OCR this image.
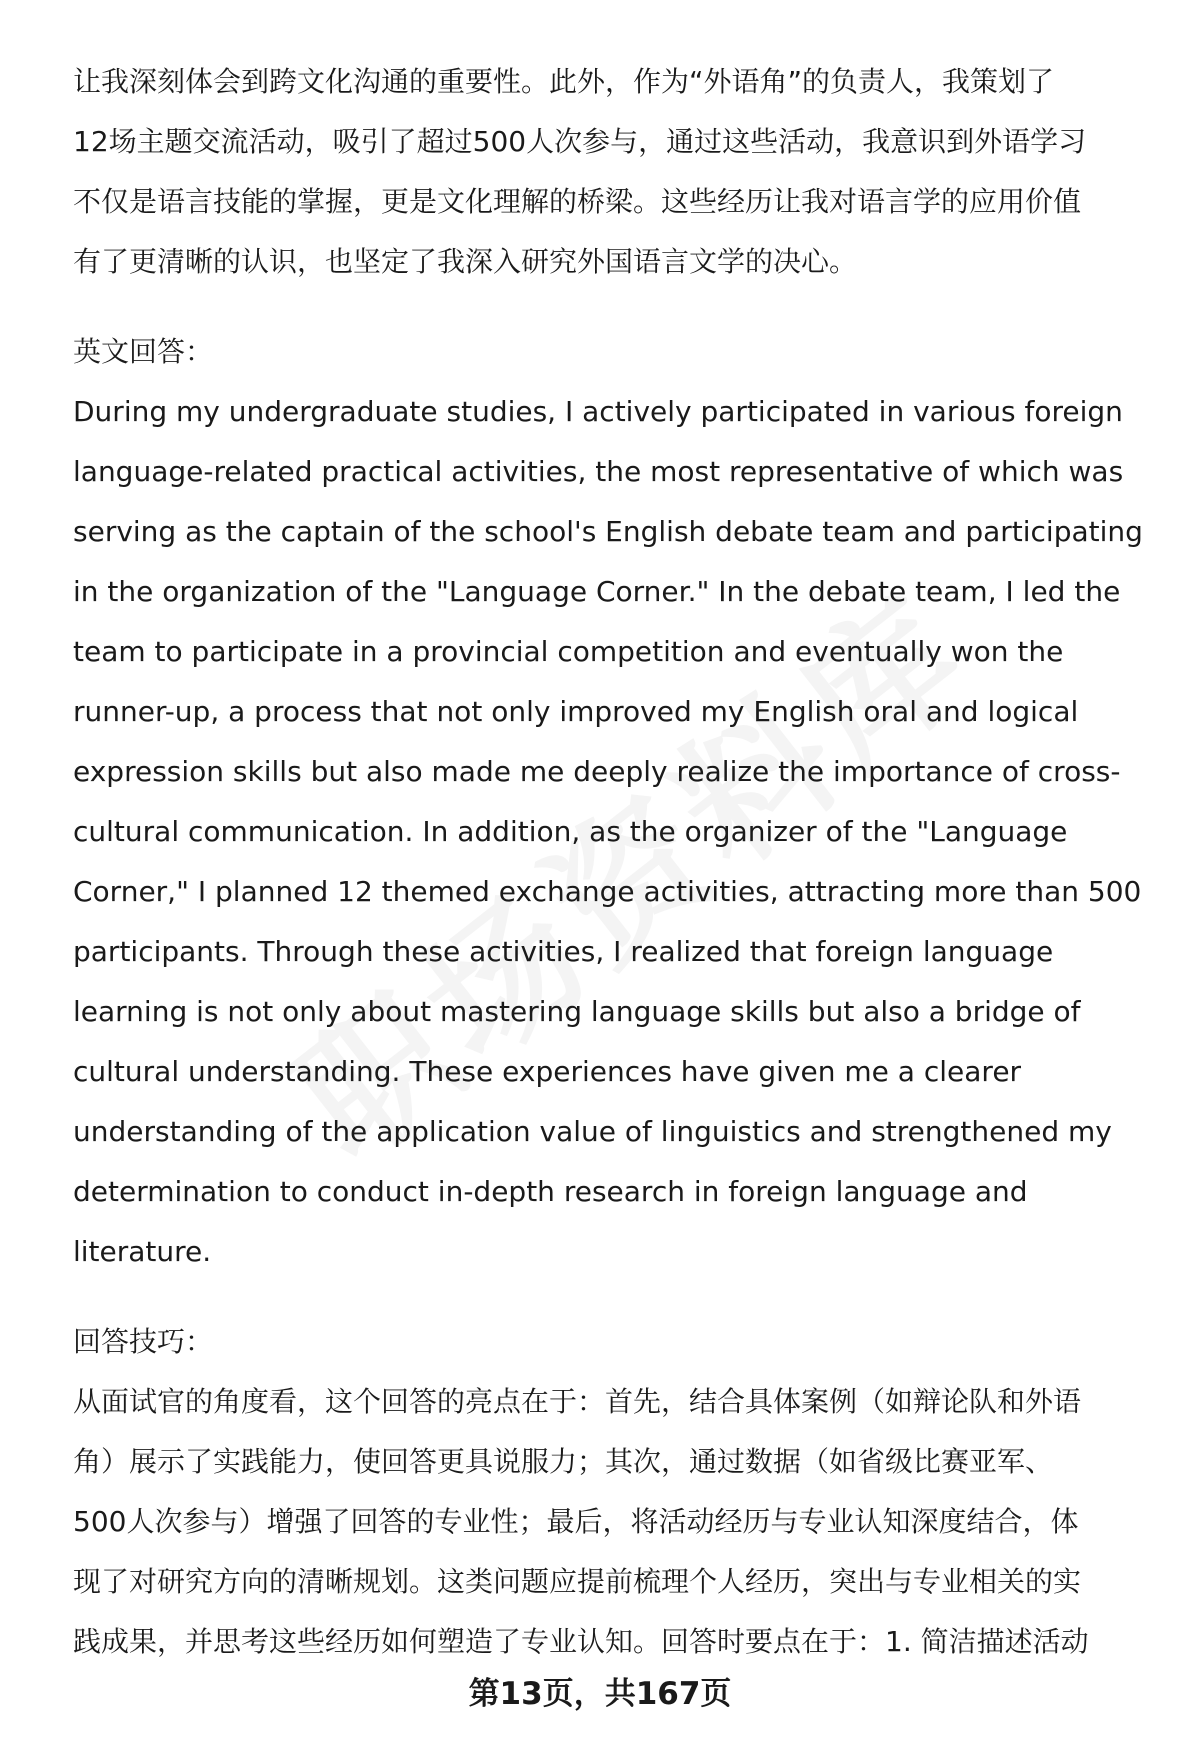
让我深刻体会到跨文化沟通的重要性。此外，作为“外语角”的负责人，我策划了
12场主题交流活动，吸引了超过500人次参与，通过这些活动，我意识到外语学习
不仅是语言技能的掌握，更是文化理解的桥梁。这些经历让我对语言学的应用价值
有了更清晰的认识，也坚定了我深入研究外国语言文学的决心。

英文回答：

During my undergraduate studies, I actively participated in various foreign
language-related practical activities, the most representative of which was
serving as the captain of the school's English debate team and participating
in the organization of the "Language Corner." In the debate team, I led the
team to participate in a provincial competition and eventually won the
runner-up, a process that not only improved my English oral and logical
expression skills but also made me deeply realize the importance of cross-
cultural communication. In addition, as the organizer of the "Language
Corner," I planned 12 themed exchange activities, attracting more than 500
participants. Through these activities, I realized that foreign language
learning is not only about mastering language skills but also a bridge of
cultural understanding. These experiences have given me a clearer
understanding of the application value of linguistics and strengthened my
determination to conduct in-depth research in foreign language and
literature.

回答技巧：

从面试官的角度看，这个回答的亮点在于：首先，结合具体案例（如辩论队和外语
角）展示了实践能力，使回答更具说服力；其次，通过数据（如省级比赛亚军、
500人次参与）增强了回答的专业性；最后，将活动经历与专业认知深度结合，体
现了对研究方向的清晰规划。这类问题应提前梳理个人经历，突出与专业相关的实
践成果，并思考这些经历如何塑造了专业认知。回答时要点在于：1. 简洁描述活动

第13页，共167页
